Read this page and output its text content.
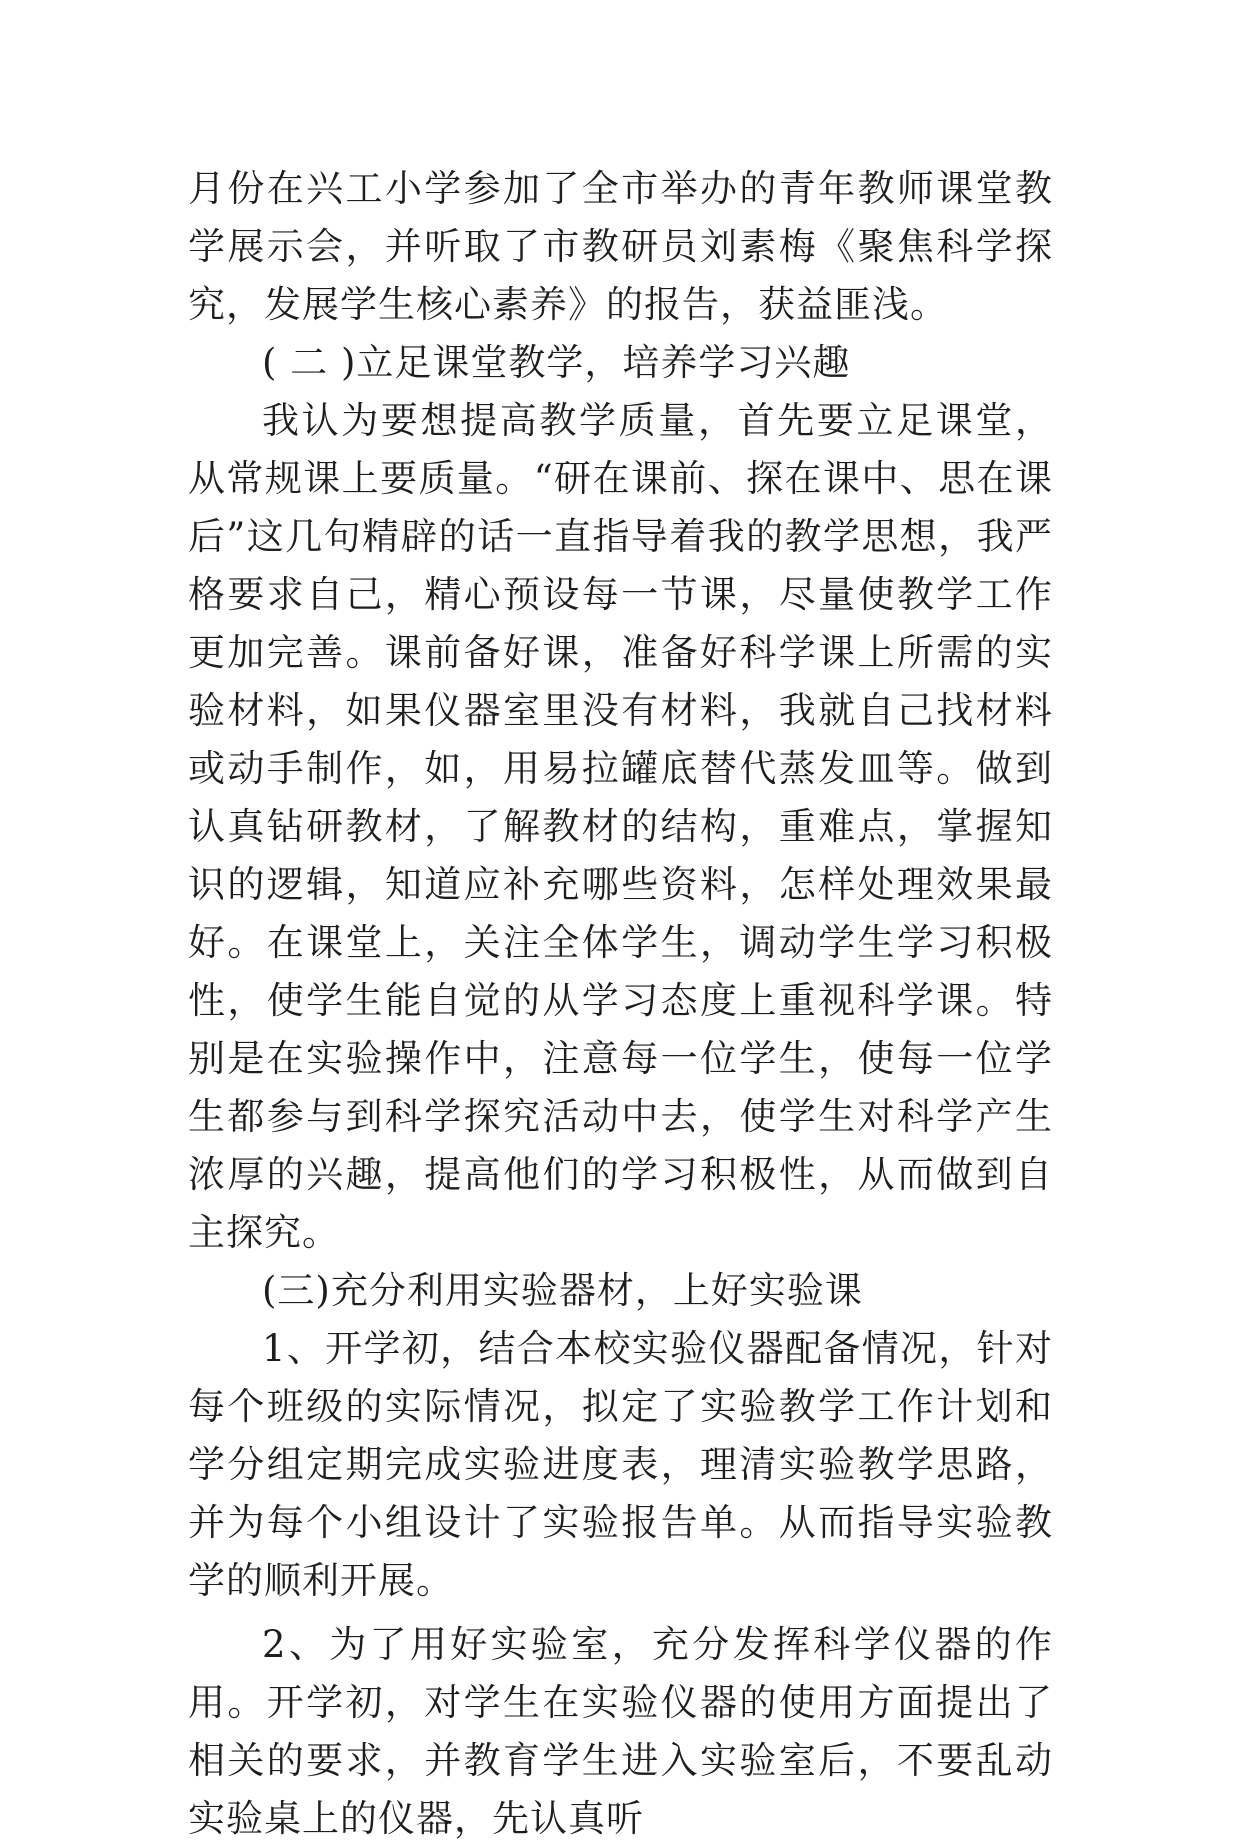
月份在兴工小学参加了全市举办的青年教师课堂教学展示会，并听取了市教研员刘素梅《聚焦科学探究，发展学生核心素养》的报告，获益匪浅。

( 二 )立足课堂教学，培养学习兴趣

我认为要想提高教学质量，首先要立足课堂，从常规课上要质量。“研在课前、探在课中、思在课后”这几句精辟的话一直指导着我的教学思想，我严格要求自己，精心预设每一节课，尽量使教学工作更加完善。课前备好课，准备好科学课上所需的实验材料，如果仪器室里没有材料，我就自己找材料或动手制作，如，用易拉罐底替代蒸发皿等。做到认真钻研教材，了解教材的结构，重难点，掌握知识的逻辑，知道应补充哪些资料，怎样处理效果最好。在课堂上，关注全体学生，调动学生学习积极性，使学生能自觉的从学习态度上重视科学课。特别是在实验操作中，注意每一位学生，使每一位学生都参与到科学探究活动中去，使学生对科学产生浓厚的兴趣，提高他们的学习积极性，从而做到自主探究。

(三)充分利用实验器材，上好实验课

1、开学初，结合本校实验仪器配备情况，针对每个班级的实际情况，拟定了实验教学工作计划和学分组定期完成实验进度表，理清实验教学思路，并为每个小组设计了实验报告单。从而指导实验教学的顺利开展。

2、为了用好实验室，充分发挥科学仪器的作用。开学初，对学生在实验仪器的使用方面提出了相关的要求，并教育学生进入实验室后，不要乱动实验桌上的仪器，先认真听
